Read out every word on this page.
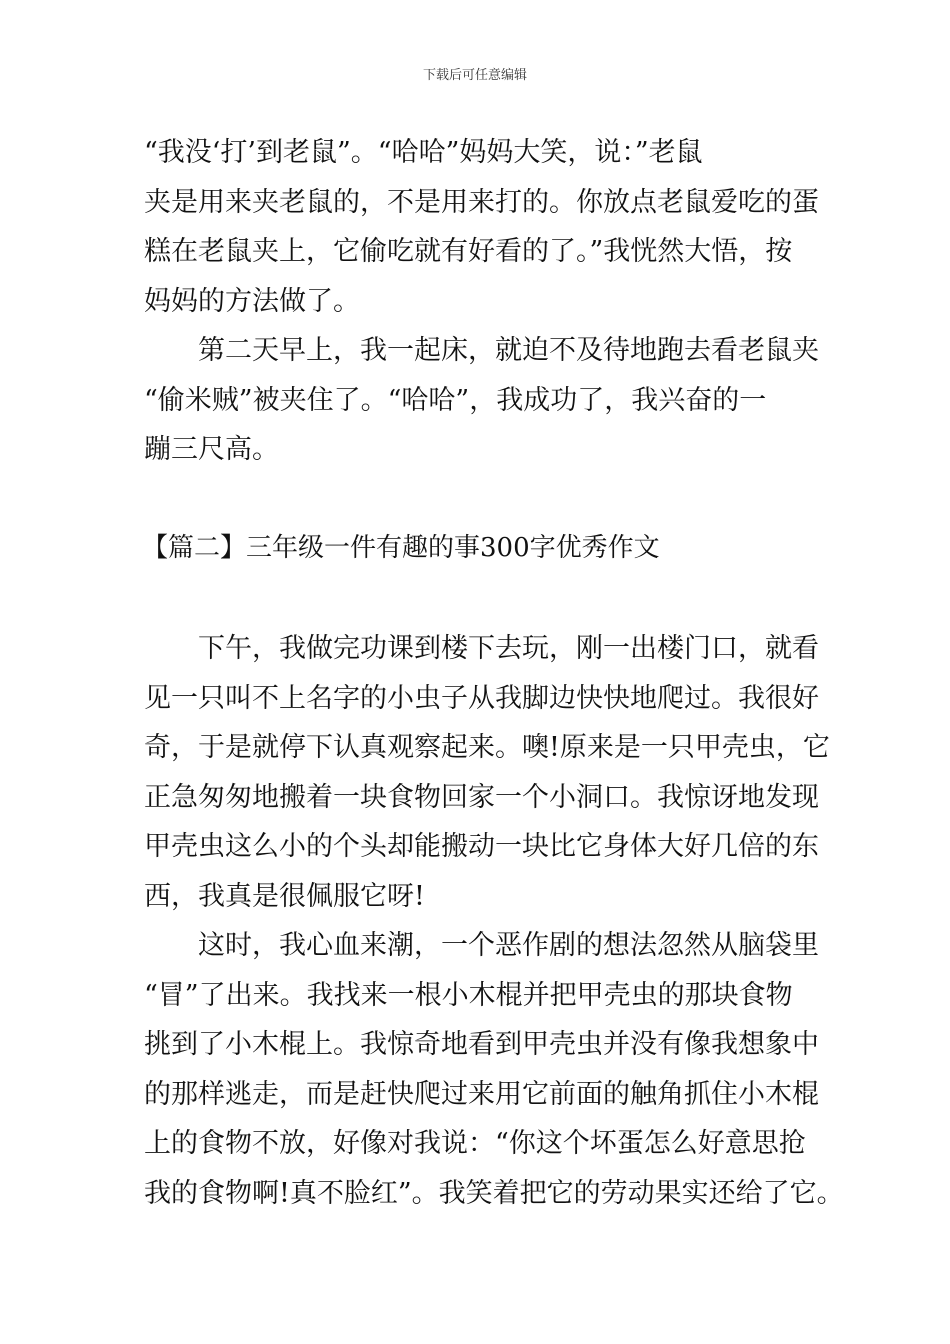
下载后可任意编辑
“我没‘打’到老鼠”。“哈哈”妈妈大笑，说：”老鼠
夹是用来夹老鼠的，不是用来打的。你放点老鼠爱吃的蛋
糕在老鼠夹上，它偷吃就有好看的了。”我恍然大悟，按
妈妈的方法做了。
第二天早上，我一起床，就迫不及待地跑去看老鼠夹
“偷米贼”被夹住了。“哈哈”，我成功了，我兴奋的一
蹦三尺高。
【篇二】三年级一件有趣的事300字优秀作文
下午，我做完功课到楼下去玩，刚一出楼门口，就看
见一只叫不上名字的小虫子从我脚边快快地爬过。我很好
奇，于是就停下认真观察起来。噢!原来是一只甲壳虫，它
正急匆匆地搬着一块食物回家一个小洞口。我惊讶地发现
甲壳虫这么小的个头却能搬动一块比它身体大好几倍的东
西，我真是很佩服它呀!
这时，我心血来潮，一个恶作剧的想法忽然从脑袋里
“冒”了出来。我找来一根小木棍并把甲壳虫的那块食物
挑到了小木棍上。我惊奇地看到甲壳虫并没有像我想象中
的那样逃走，而是赶快爬过来用它前面的触角抓住小木棍
上的食物不放，好像对我说：“你这个坏蛋怎么好意思抢
我的食物啊!真不脸红”。我笑着把它的劳动果实还给了它。
